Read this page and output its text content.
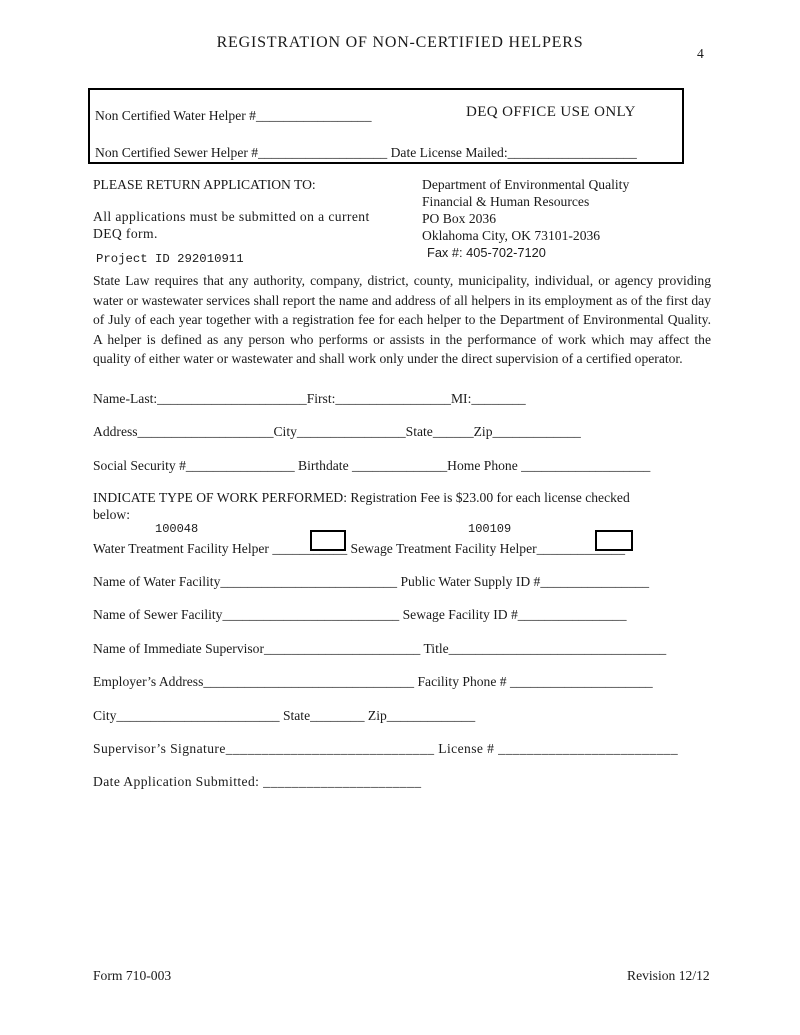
REGISTRATION OF NON-CERTIFIED HELPERS
4
Non Certified Water Helper #_________________	DEQ OFFICE USE ONLY
Non Certified Sewer Helper #___________________ Date License Mailed:___________________
PLEASE RETURN APPLICATION TO:	Department of Environmental Quality
Financial & Human Resources
PO Box 2036
Oklahoma City, OK 73101-2036
Fax #: 405-702-7120
All applications must be submitted on a current
DEQ form.
Project ID 292010911
State Law requires that any authority, company, district, county, municipality, individual, or agency providing water or wastewater services shall report the name and address of all helpers in its employment as of the first day of July of each year together with a registration fee for each helper to the Department of Environmental Quality. A helper is defined as any person who performs or assists in the performance of work which may affect the quality of either water or wastewater and shall work only under the direct supervision of a certified operator.
Name-Last:______________________First:_________________MI:________
Address____________________City________________State______Zip_____________
Social Security #________________ Birthdate ______________Home Phone ___________________
INDICATE TYPE OF WORK PERFORMED: Registration Fee is $23.00 for each license checked
below:
100048	100109
Water Treatment Facility Helper ___________ Sewage Treatment Facility Helper_____________
Name of Water Facility__________________________ Public Water Supply ID #________________
Name of Sewer Facility__________________________ Sewage Facility ID #________________
Name of Immediate Supervisor_______________________ Title________________________________
Employer’s Address_______________________________ Facility Phone # _____________________
City________________________ State________ Zip_____________
Supervisor’s Signature_____________________________ License # _________________________
Date Application Submitted: ______________________
Form 710-003	Revision 12/12
